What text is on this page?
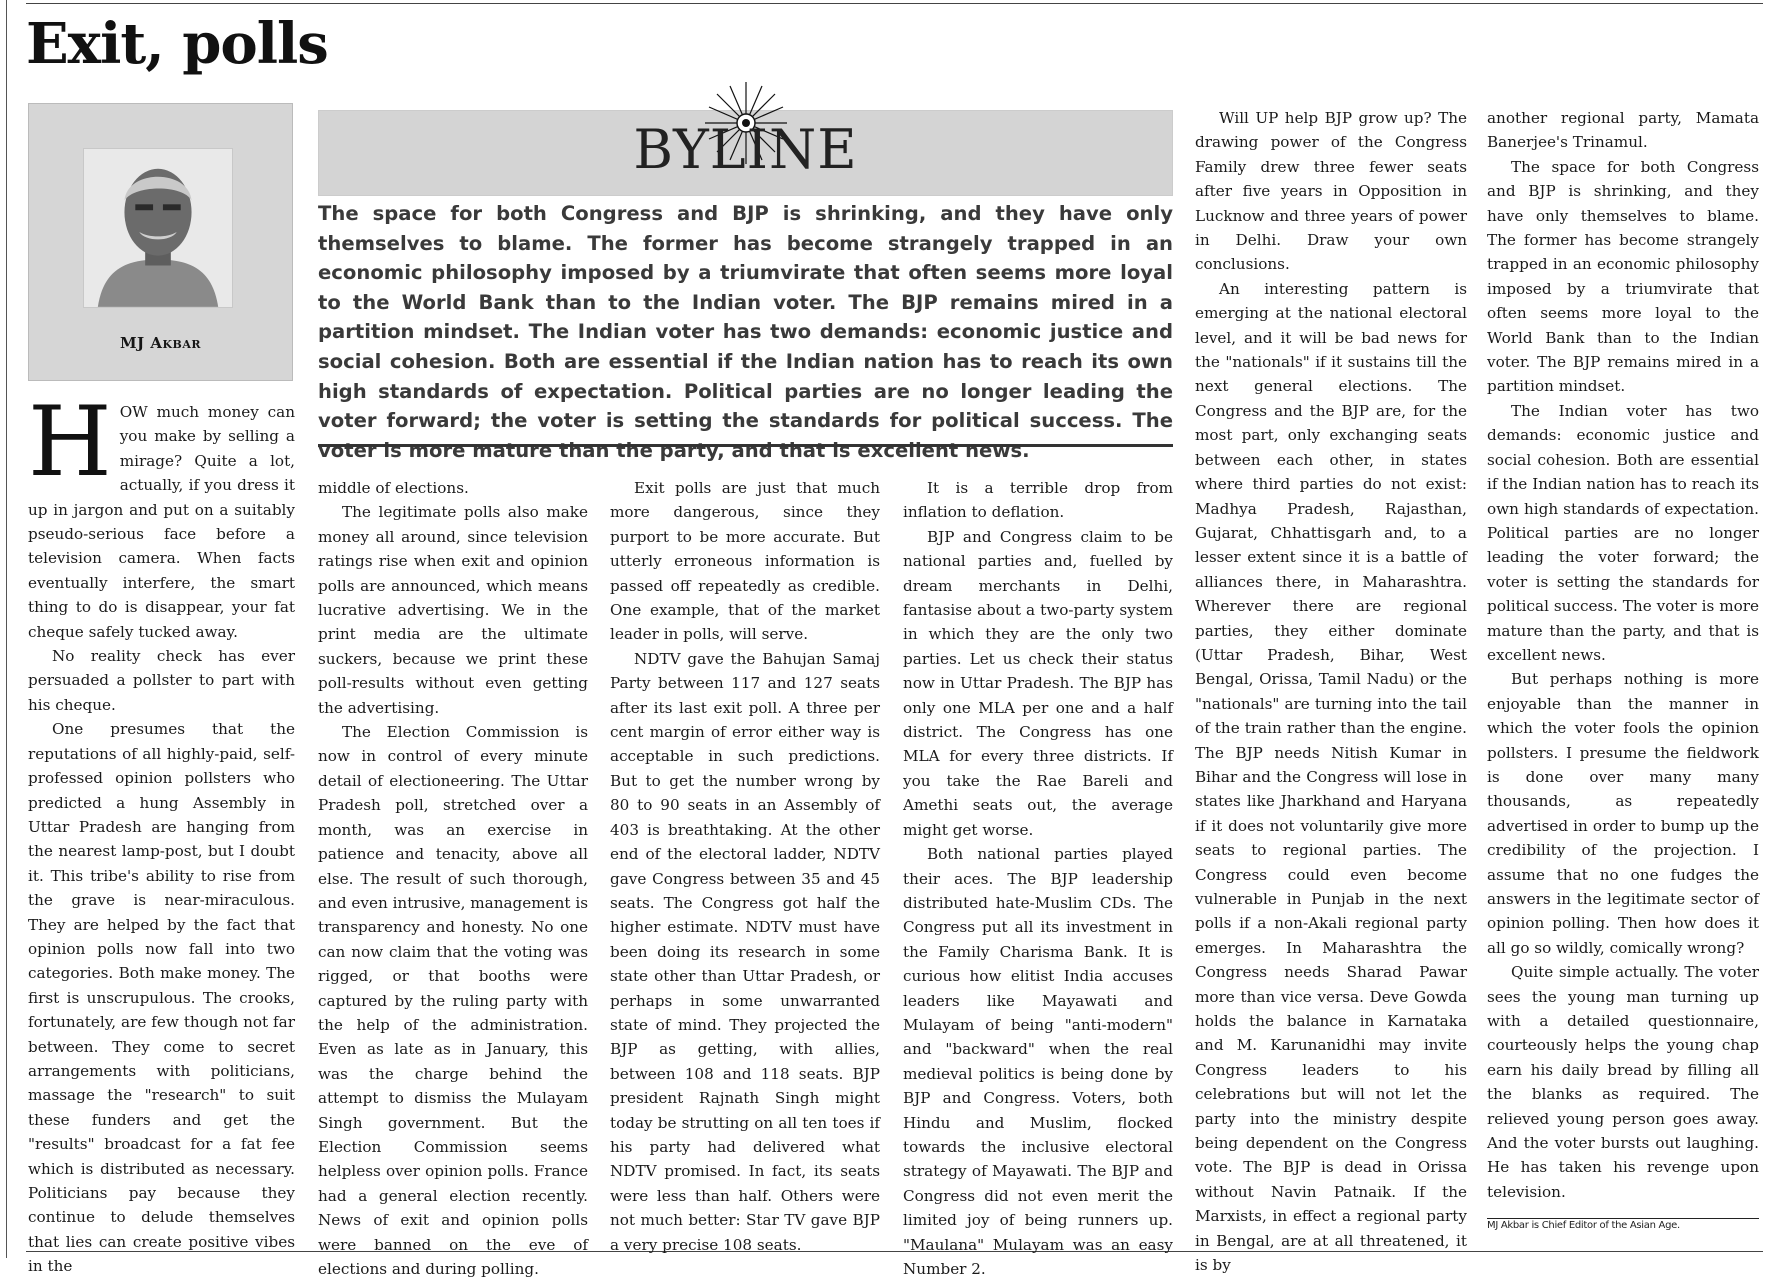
Exit, polls
MJ Akbar
BYLINE
The space for both Congress and BJP is shrinking, and they have only themselves to blame. The former has become strangely trapped in an economic philosophy imposed by a triumvirate that often seems more loyal to the World Bank than to the Indian voter. The BJP remains mired in a partition mindset. The Indian voter has two demands: economic justice and social cohesion. Both are essential if the Indian nation has to reach its own high standards of expectation. Political parties are no longer leading the voter forward; the voter is setting the standards for political success. The voter is more mature than the party, and that is excellent news.

HOW much money can you make by selling a mirage? Quite a lot, actually, if you dress it up in jargon and put on a suitably pseudo-serious face before a television camera. When facts eventually interfere, the smart thing to do is disappear, your fat cheque safely tucked away.

No reality check has ever persuaded a pollster to part with his cheque.

One presumes that the reputations of all highly-paid, self-professed opinion pollsters who predicted a hung Assembly in Uttar Pradesh are hanging from the nearest lamp-post, but I doubt it. This tribe's ability to rise from the grave is near-miraculous. They are helped by the fact that opinion polls now fall into two categories. Both make money. The first is unscrupulous. The crooks, fortunately, are few though not far between. They come to secret arrangements with politicians, massage the "research" to suit these funders and get the "results" broadcast for a fat fee which is distributed as necessary. Politicians pay because they continue to delude themselves that lies can create positive vibes in the

middle of elections.

The legitimate polls also make money all around, since television ratings rise when exit and opinion polls are announced, which means lucrative advertising. We in the print media are the ultimate suckers, because we print these poll-results without even getting the advertising.

The Election Commission is now in control of every minute detail of electioneering. The Uttar Pradesh poll, stretched over a month, was an exercise in patience and tenacity, above all else. The result of such thorough, and even intrusive, management is transparency and honesty. No one can now claim that the voting was rigged, or that booths were captured by the ruling party with the help of the administration. Even as late as in January, this was the charge behind the attempt to dismiss the Mulayam Singh government. But the Election Commission seems helpless over opinion polls. France had a general election recently. News of exit and opinion polls were banned on the eve of elections and during polling.

Exit polls are just that much more dangerous, since they purport to be more accurate. But utterly erroneous information is passed off repeatedly as credible. One example, that of the market leader in polls, will serve.

NDTV gave the Bahujan Samaj Party between 117 and 127 seats after its last exit poll. A three per cent margin of error either way is acceptable in such predictions. But to get the number wrong by 80 to 90 seats in an Assembly of 403 is breathtaking. At the other end of the electoral ladder, NDTV gave Congress between 35 and 45 seats. The Congress got half the higher estimate. NDTV must have been doing its research in some state other than Uttar Pradesh, or perhaps in some unwarranted state of mind. They projected the BJP as getting, with allies, between 108 and 118 seats. BJP president Rajnath Singh might today be strutting on all ten toes if his party had delivered what NDTV promised. In fact, its seats were less than half. Others were not much better: Star TV gave BJP a very precise 108 seats.

It is a terrible drop from inflation to deflation.

BJP and Congress claim to be national parties and, fuelled by dream merchants in Delhi, fantasise about a two-party system in which they are the only two parties. Let us check their status now in Uttar Pradesh. The BJP has only one MLA per one and a half district. The Congress has one MLA for every three districts. If you take the Rae Bareli and Amethi seats out, the average might get worse.

Both national parties played their aces. The BJP leadership distributed hate-Muslim CDs. The Congress put all its investment in the Family Charisma Bank. It is curious how elitist India accuses leaders like Mayawati and Mulayam of being "anti-modern" and "backward" when the real medieval politics is being done by BJP and Congress. Voters, both Hindu and Muslim, flocked towards the inclusive electoral strategy of Mayawati. The BJP and Congress did not even merit the limited joy of being runners up. "Maulana" Mulayam was an easy Number 2.

Will UP help BJP grow up? The drawing power of the Congress Family drew three fewer seats after five years in Opposition in Lucknow and three years of power in Delhi. Draw your own conclusions.

An interesting pattern is emerging at the national electoral level, and it will be bad news for the "nationals" if it sustains till the next general elections. The Congress and the BJP are, for the most part, only exchanging seats between each other, in states where third parties do not exist: Madhya Pradesh, Rajasthan, Gujarat, Chhattisgarh and, to a lesser extent since it is a battle of alliances there, in Maharashtra. Wherever there are regional parties, they either dominate (Uttar Pradesh, Bihar, West Bengal, Orissa, Tamil Nadu) or the "nationals" are turning into the tail of the train rather than the engine. The BJP needs Nitish Kumar in Bihar and the Congress will lose in states like Jharkhand and Haryana if it does not voluntarily give more seats to regional parties. The Congress could even become vulnerable in Punjab in the next polls if a non-Akali regional party emerges. In Maharashtra the Congress needs Sharad Pawar more than vice versa. Deve Gowda holds the balance in Karnataka and M. Karunanidhi may invite Congress leaders to his celebrations but will not let the party into the ministry despite being dependent on the Congress vote. The BJP is dead in Orissa without Navin Patnaik. If the Marxists, in effect a regional party in Bengal, are at all threatened, it is by

another regional party, Mamata Banerjee's Trinamul.

The space for both Congress and BJP is shrinking, and they have only themselves to blame. The former has become strangely trapped in an economic philosophy imposed by a triumvirate that often seems more loyal to the World Bank than to the Indian voter. The BJP remains mired in a partition mindset.

The Indian voter has two demands: economic justice and social cohesion. Both are essential if the Indian nation has to reach its own high standards of expectation. Political parties are no longer leading the voter forward; the voter is setting the standards for political success. The voter is more mature than the party, and that is excellent news.

But perhaps nothing is more enjoyable than the manner in which the voter fools the opinion pollsters. I presume the fieldwork is done over many many thousands, as repeatedly advertised in order to bump up the credibility of the projection. I assume that no one fudges the answers in the legitimate sector of opinion polling. Then how does it all go so wildly, comically wrong?

Quite simple actually. The voter sees the young man turning up with a detailed questionnaire, courteously helps the young chap earn his daily bread by filling all the blanks as required. The relieved young person goes away. And the voter bursts out laughing. He has taken his revenge upon television.

MJ Akbar is Chief Editor of the Asian Age.
